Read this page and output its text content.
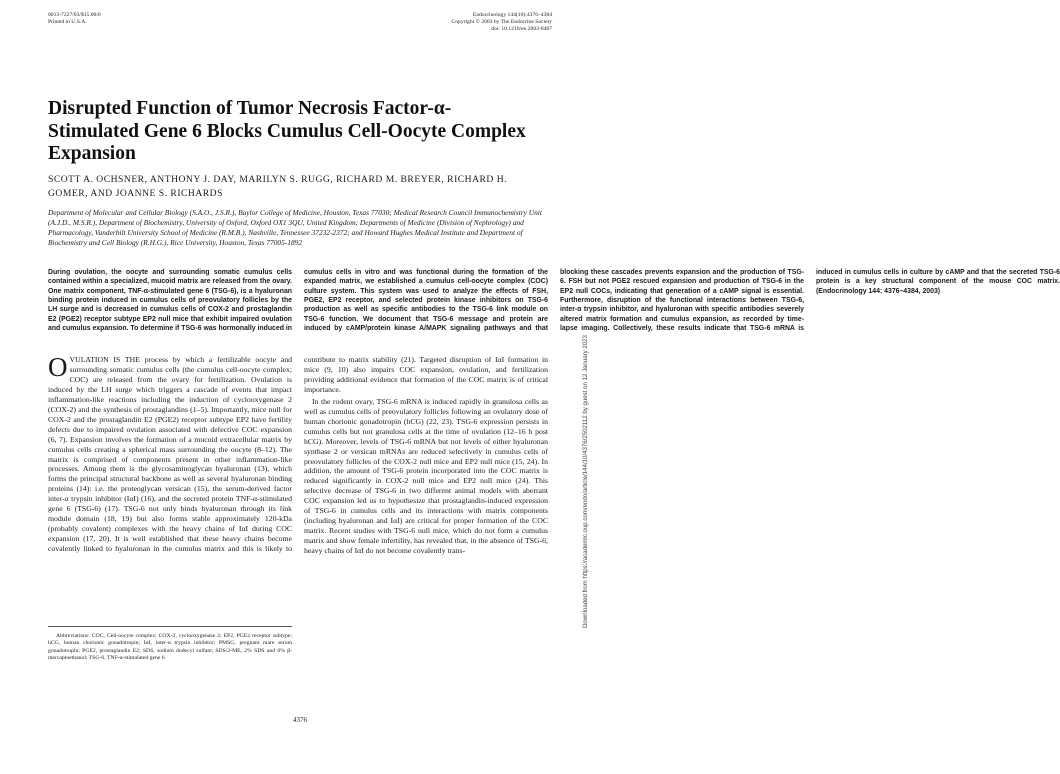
0013-7227/03/$15.00/0
Printed in U.S.A.
Endocrinology 144(10):4376–4384
Copyright © 2003 by The Endocrine Society
doi: 10.1210/en.2003-0487
Disrupted Function of Tumor Necrosis Factor-α-Stimulated Gene 6 Blocks Cumulus Cell-Oocyte Complex Expansion
SCOTT A. OCHSNER, ANTHONY J. DAY, MARILYN S. RUGG, RICHARD M. BREYER, RICHARD H. GOMER, AND JOANNE S. RICHARDS
Department of Molecular and Cellular Biology (S.A.O., J.S.R.), Baylor College of Medicine, Houston, Texas 77030; Medical Research Council Immunochemistry Unit (A.J.D., M.S.R.), Department of Biochemistry, University of Oxford, Oxford OX1 3QU, United Kingdom; Departments of Medicine (Division of Nephrology) and Pharmacology, Vanderbilt University School of Medicine (R.M.B.), Nashville, Tennessee 37232-2372; and Howard Hughes Medical Institute and Department of Biochemistry and Cell Biology (R.H.G.), Rice University, Houston, Texas 77005-1892
During ovulation, the oocyte and surrounding somatic cumulus cells contained within a specialized, mucoid matrix are released from the ovary. One matrix component, TNF-α-stimulated gene 6 (TSG-6), is a hyaluronan binding protein induced in cumulus cells of preovulatory follicles by the LH surge and is decreased in cumulus cells of COX-2 and prostaglandin E2 (PGE2) receptor subtype EP2 null mice that exhibit impaired ovulation and cumulus expansion. To determine if TSG-6 was hormonally induced in cumulus cells in vitro and was functional during the formation of the expanded matrix, we established a cumulus cell-oocyte complex (COC) culture system. This system was used to analyze the effects of FSH, PGE2, EP2 receptor, and selected protein kinase inhibitors on TSG-6 production as well as specific antibodies to the TSG-6 link module on TSG-6 function. We document that TSG-6 message and protein are induced by cAMP/protein kinase A/MAPK signaling pathways and that blocking these cascades prevents expansion and the production of TSG-6. FSH but not PGE2 rescued expansion and production of TSG-6 in the EP2 null COCs, indicating that generation of a cAMP signal is essential. Furthermore, disruption of the functional interactions between TSG-6, inter-α trypsin inhibitor, and hyaluronan with specific antibodies severely altered matrix formation and cumulus expansion, as recorded by time-lapse imaging. Collectively, these results indicate that TSG-6 mRNA is induced in cumulus cells in culture by cAMP and that the secreted TSG-6 protein is a key structural component of the mouse COC matrix. (Endocrinology 144: 4376–4384, 2003)

OVULATION IS THE process by which a fertilizable oocyte and surrounding somatic cumulus cells (the cumulus cell-oocyte complex; COC) are released from the ovary for fertilization. Ovulation is induced by the LH surge which triggers a cascade of events that impact inflammation-like reactions including the induction of cyclooxygenase 2 (COX-2) and the synthesis of prostaglandins (1–5). Importantly, mice null for COX-2 and the prostaglandin E2 (PGE2) receptor subtype EP2 have fertility defects due to impaired ovulation associated with defective COC expansion (6, 7). Expansion involves the formation of a mucoid extracellular matrix by cumulus cells creating a spherical mass surrounding the oocyte (8–12). The matrix is comprised of components present in other inflammation-like processes. Among them is the glycosaminoglycan hyaluronan (13), which forms the principal structural backbone as well as several hyaluronan binding proteins (14): i.e. the proteoglycan versican (15), the serum-derived factor inter-α trypsin inhibitor (IαI) (16), and the secreted protein TNF-α-stimulated gene 6 (TSG-6) (17). TSG-6 not only binds hyaluronan through its link module domain (18, 19) but also forms stable approximately 120-kDa (probably covalent) complexes with the heavy chains of IαI during COC expansion (17, 20). It is well established that these heavy chains become covalently linked to hyaluronan in the cumulus matrix and this is likely to contribute to matrix stability (21). Targeted disruption of IαI formation in mice (9, 10) also impairs COC expansion, ovulation, and fertilization providing additional evidence that formation of the COC matrix is of critical importance.

In the rodent ovary, TSG-6 mRNA is induced rapidly in granulosa cells as well as cumulus cells of preovulatory follicles following an ovulatory dose of human chorionic gonadotropin (hCG) (22, 23). TSG-6 expression persists in cumulus cells but not granulosa cells at the time of ovulation (12–16 h post hCG). Moreover, levels of TSG-6 mRNA but not levels of either hyaluronan synthase 2 or versican mRNAs are reduced selectively in cumulus cells of preovulatory follicles of the COX-2 null mice and EP2 null mice (15, 24). In addition, the amount of TSG-6 protein incorporated into the COC matrix is reduced significantly in COX-2 null mice and EP2 null mice (24). This selective decrease of TSG-6 in two different animal models with aberrant COC expansion led us to hypothesize that prostaglandin-induced expression of TSG-6 in cumulus cells and its interactions with matrix components (including hyaluronan and IαI) are critical for proper formation of the COC matrix. Recent studies with TSG-6 null mice, which do not form a cumulus matrix and show female infertility, has revealed that, in the absence of TSG-6, heavy chains of IαI do not become covalently trans-

Abbreviations: COC, Cell-oocyte complex; COX-2, cyclooxygenase 2; EP2, PGE2 receptor subtype; hCG, human chorionic gonadotropin; IαI, inter-α trypsin inhibitor; PMSG, pregnant mare serum gonadotropin; PGE2, prostaglandin E2; SDS, sodium dodecyl sulfate; SDS/2-ME, 2% SDS and 6% β-mercaptoethanol; TSG-6, TNF-α-stimulated gene 6.
4376
Downloaded from https://academic.oup.com/endo/article/144/10/4376/2502112 by guest on 12 January 2023
